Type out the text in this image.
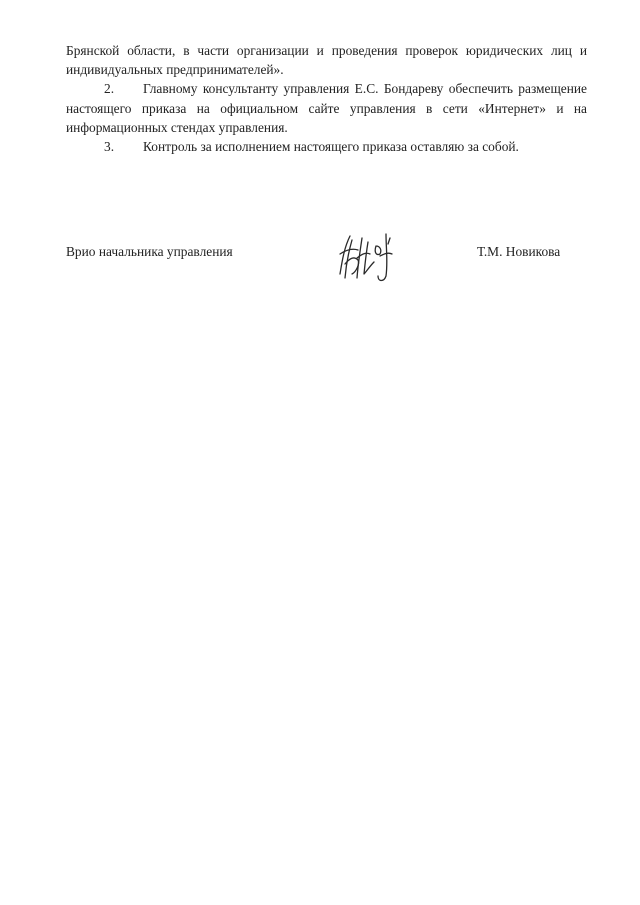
Брянской области, в части организации и проведения проверок юридических лиц и индивидуальных предпринимателей».

2. Главному консультанту управления Е.С. Бондареву обеспечить размещение настоящего приказа на официальном сайте управления в сети «Интернет» и на информационных стендах управления.

3. Контроль за исполнением настоящего приказа оставляю за собой.

Врио начальника управления	Т.М. Новикова
